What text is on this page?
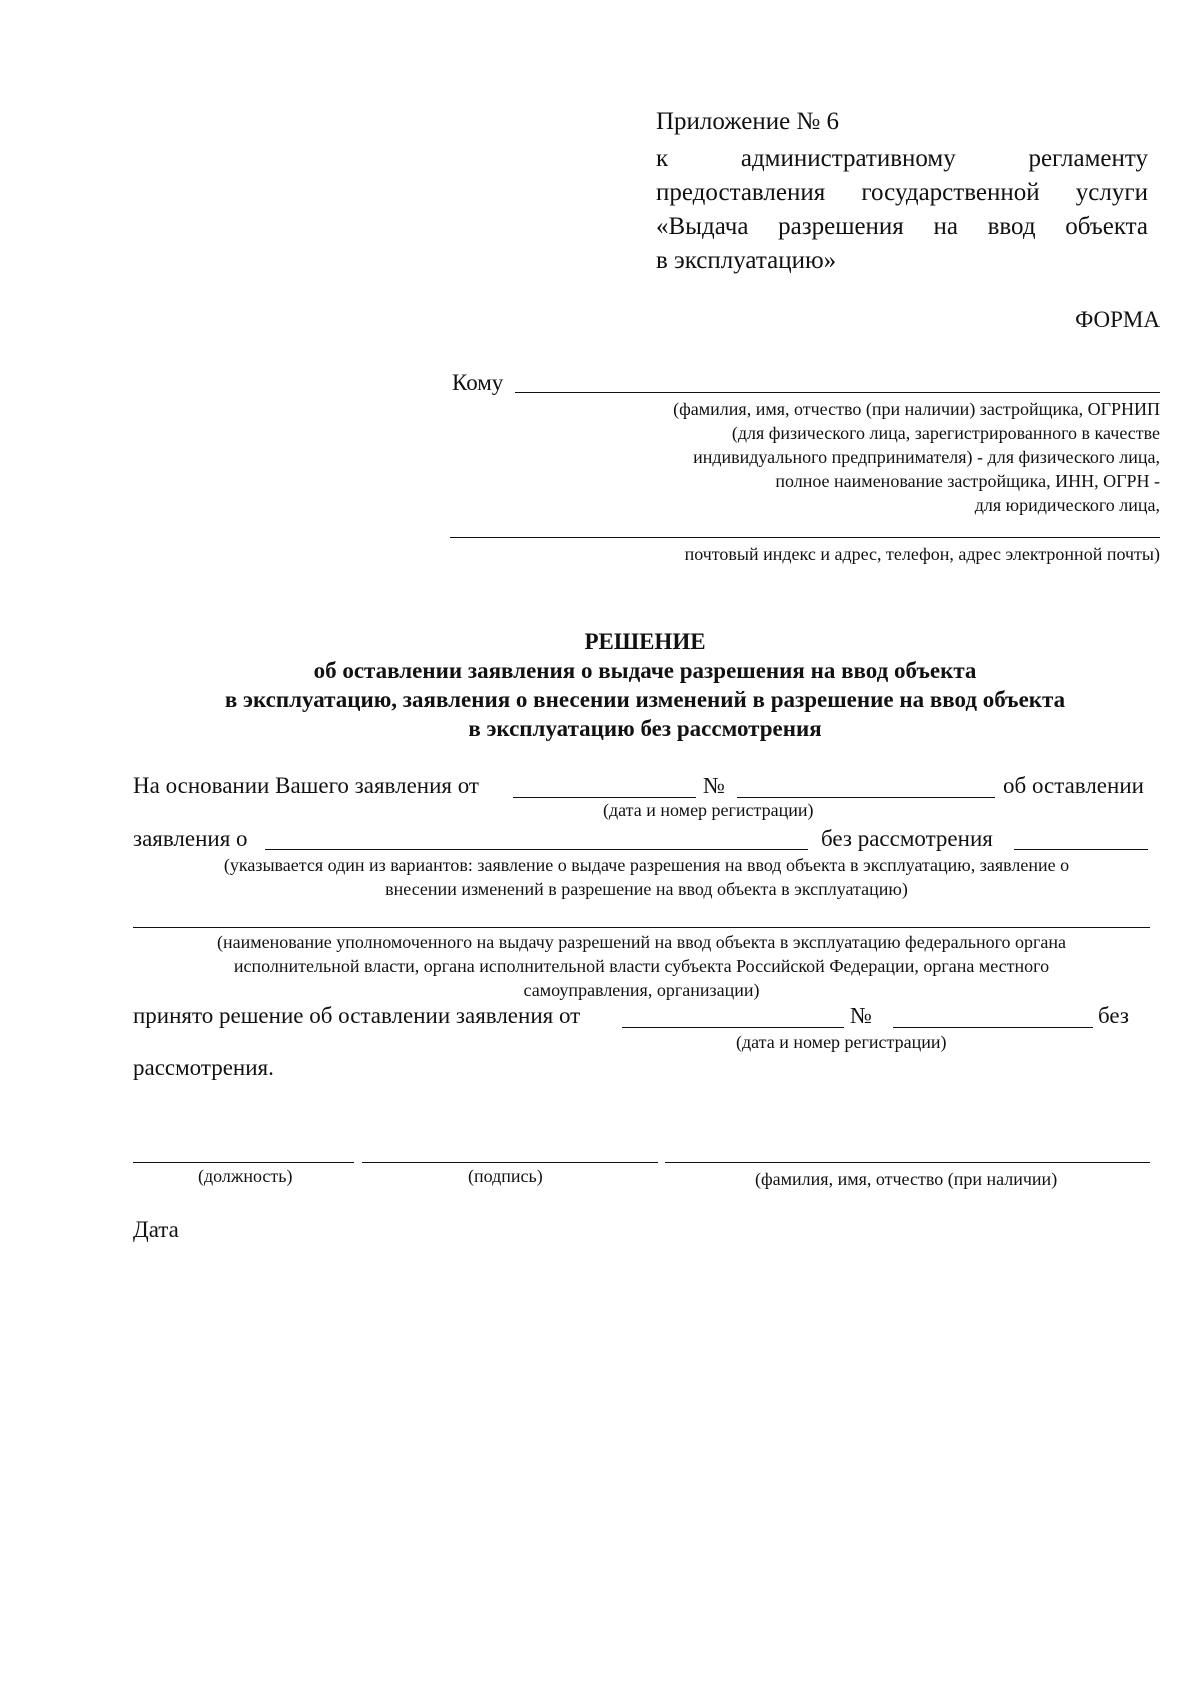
Приложение № 6
к административному регламенту
предоставления государственной услуги
«Выдача разрешения на ввод объекта
в эксплуатацию»
ФОРМА
Кому
(фамилия, имя, отчество (при наличии) застройщика, ОГРНИП
(для физического лица, зарегистрированного в качестве
индивидуального предпринимателя) - для физического лица,
полное наименование застройщика, ИНН, ОГРН -
для юридического лица,
почтовый индекс и адрес, телефон, адрес электронной почты)
РЕШЕНИЕ
об оставлении заявления о выдаче разрешения на ввод объекта
в эксплуатацию, заявления о внесении изменений в разрешение на ввод объекта
в эксплуатацию без рассмотрения
На основании Вашего заявления от	№	об оставлении
(дата и номер регистрации)
заявления о	без рассмотрения
(указывается один из вариантов: заявление о выдаче разрешения на ввод объекта в эксплуатацию, заявление о
внесении изменений в разрешение на ввод объекта в эксплуатацию)
(наименование уполномоченного на выдачу разрешений на ввод объекта в эксплуатацию федерального органа
исполнительной власти, органа исполнительной власти субъекта Российской Федерации, органа местного
самоуправления, организации)
принято решение об оставлении заявления от	№	без
(дата и номер регистрации)
рассмотрения.
(должность)	(подпись)	(фамилия, имя, отчество (при наличии)
Дата
